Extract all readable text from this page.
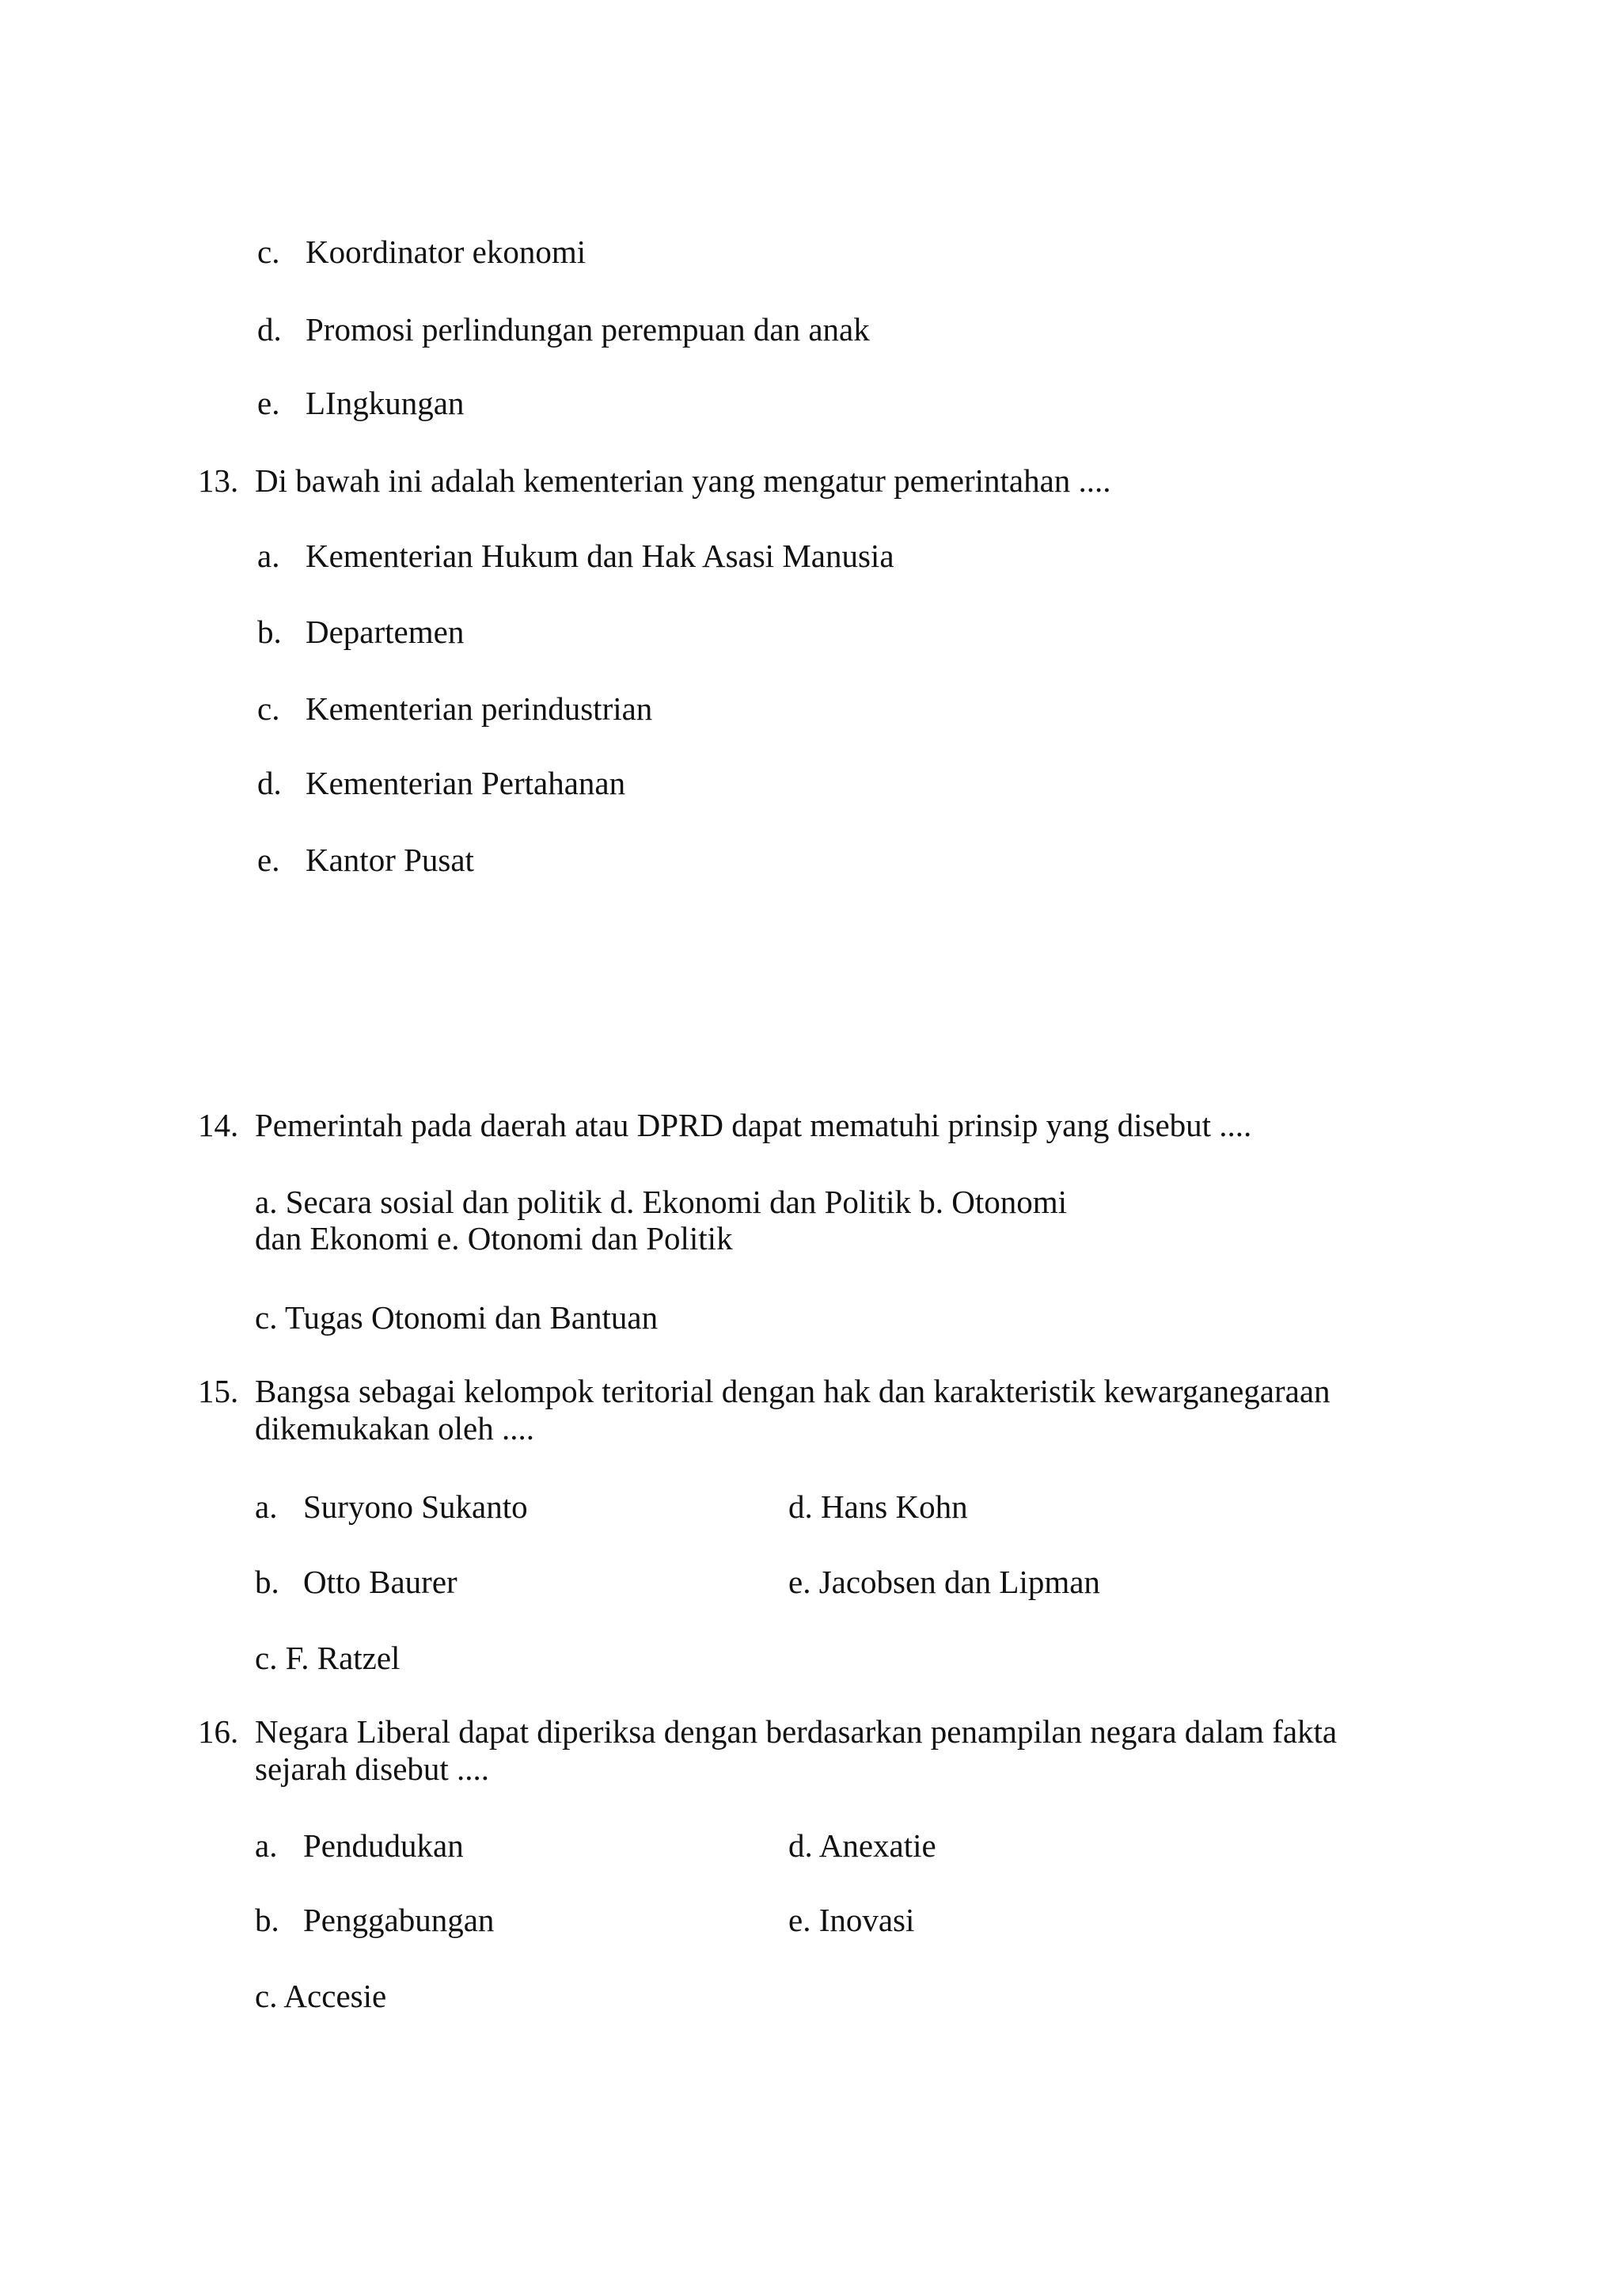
c. Koordinator ekonomi
d. Promosi perlindungan perempuan dan anak
e. LIngkungan
13. Di bawah ini adalah kementerian yang mengatur pemerintahan ....
a. Kementerian Hukum dan Hak Asasi Manusia
b. Departemen
c. Kementerian perindustrian
d. Kementerian Pertahanan
e. Kantor Pusat
14. Pemerintah pada daerah atau DPRD dapat mematuhi prinsip yang disebut ....
a. Secara sosial dan politik d. Ekonomi dan Politik b. Otonomi
dan Ekonomi e. Otonomi dan Politik
c. Tugas Otonomi dan Bantuan
15. Bangsa sebagai kelompok teritorial dengan hak dan karakteristik kewarganegaraan
dikemukakan oleh ....
a. Suryono Sukanto	d. Hans Kohn
b. Otto Baurer	e. Jacobsen dan Lipman
c. F. Ratzel
16. Negara Liberal dapat diperiksa dengan berdasarkan penampilan negara dalam fakta
sejarah disebut ....
a. Pendudukan	d. Anexatie
b. Penggabungan	e. Inovasi
c. Accesie
